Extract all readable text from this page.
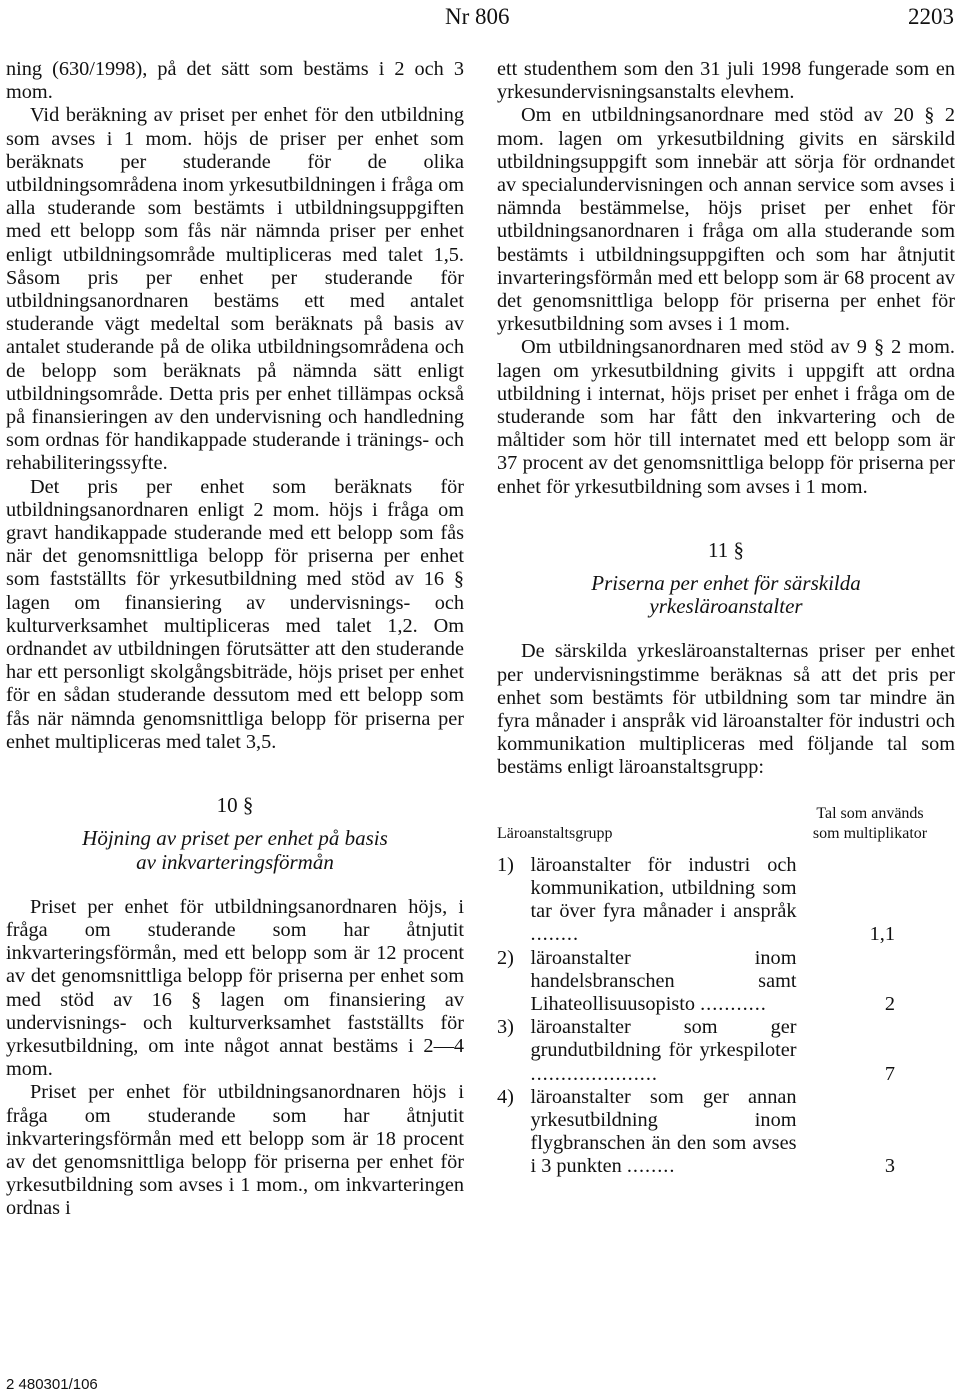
Nr 806	2203

ning (630/1998), på det sätt som bestäms i 2 och 3 mom.

Vid beräkning av priset per enhet för den utbildning som avses i 1 mom. höjs de priser per enhet som beräknats per studerande för de olika utbildningsområdena inom yrkesutbildningen i fråga om alla studerande som bestämts i utbildningsuppgiften med ett belopp som fås när nämnda priser per enhet enligt utbildningsområde multipliceras med talet 1,5. Såsom pris per enhet per studerande för utbildningsanordnaren bestäms ett med antalet studerande vägt medeltal som beräknats på basis av antalet studerande på de olika utbildningsområdena och de belopp som beräknats på nämnda sätt enligt utbildningsområde. Detta pris per enhet tillämpas också på finansieringen av den undervisning och handledning som ordnas för handikappade studerande i tränings- och rehabiliteringssyfte.

Det pris per enhet som beräknats för utbildningsanordnaren enligt 2 mom. höjs i fråga om gravt handikappade studerande med ett belopp som fås när det genomsnittliga belopp för priserna per enhet som fastställts för yrkesutbildning med stöd av 16 § lagen om finansiering av undervisnings- och kulturverksamhet multipliceras med talet 1,2. Om ordnandet av utbildningen förutsätter att den studerande har ett personligt skolgångsbiträde, höjs priset per enhet för en sådan studerande dessutom med ett belopp som fås när nämnda genomsnittliga belopp för priserna per enhet multipliceras med talet 3,5.

10 §
Höjning av priset per enhet på basis
av inkvarteringsförmån

Priset per enhet för utbildningsanordnaren höjs, i fråga om studerande som har åtnjutit inkvarteringsförmån, med ett belopp som är 12 procent av det genomsnittliga belopp för priserna per enhet som med stöd av 16 § lagen om finansiering av undervisnings- och kulturverksamhet fastställts för yrkesutbildning, om inte något annat bestäms i 2—4 mom.

Priset per enhet för utbildningsanordnaren höjs i fråga om studerande som har åtnjutit inkvarteringsförmån med ett belopp som är 18 procent av det genomsnittliga belopp för priserna per enhet för yrkesutbildning som avses i 1 mom., om inkvarteringen ordnas i

ett studenthem som den 31 juli 1998 fungerade som en yrkesundervisningsanstalts elevhem.

Om en utbildningsanordnare med stöd av 20 § 2 mom. lagen om yrkesutbildning givits en särskild utbildningsuppgift som innebär att sörja för ordnandet av specialundervisningen och annan service som avses i nämnda bestämmelse, höjs priset per enhet för utbildningsanordnaren i fråga om alla studerande som bestämts i utbildningsuppgiften och som har åtnjutit invarteringsförmån med ett belopp som är 68 procent av det genomsnittliga belopp för priserna per enhet för yrkesutbildning som avses i 1 mom.

Om utbildningsanordnaren med stöd av 9 § 2 mom. lagen om yrkesutbildning givits i uppgift att ordna utbildning i internat, höjs priset per enhet i fråga om de studerande som har fått den inkvartering och de måltider som hör till internatet med ett belopp som är 37 procent av det genomsnittliga belopp för priserna per enhet för yrkesutbildning som avses i 1 mom.

11 §
Priserna per enhet för särskilda
yrkesläroanstalter

De särskilda yrkesläroanstalternas priser per enhet per undervisningstimme beräknas så att det pris per enhet som bestämts för utbildning som tar mindre än fyra månader i anspråk vid läroanstalter för industri och kommunikation multipliceras med följande tal som bestäms enligt läroanstaltsgrupp:

Läroanstaltsgrupp
Tal som används
som multiplikator
1) läroanstalter för industri och kommunikation, utbildning som tar över fyra månader i anspråk ........	1,1
2) läroanstalter inom handelsbranschen samt Lihateollisuusopisto ...........	2
3) läroanstalter som ger grundutbildning för yrkespiloter .....................	7
4) läroanstalter som ger annan yrkesutbildning inom flygbranschen än den som avses i 3 punkten ........	3
2 480301/106
